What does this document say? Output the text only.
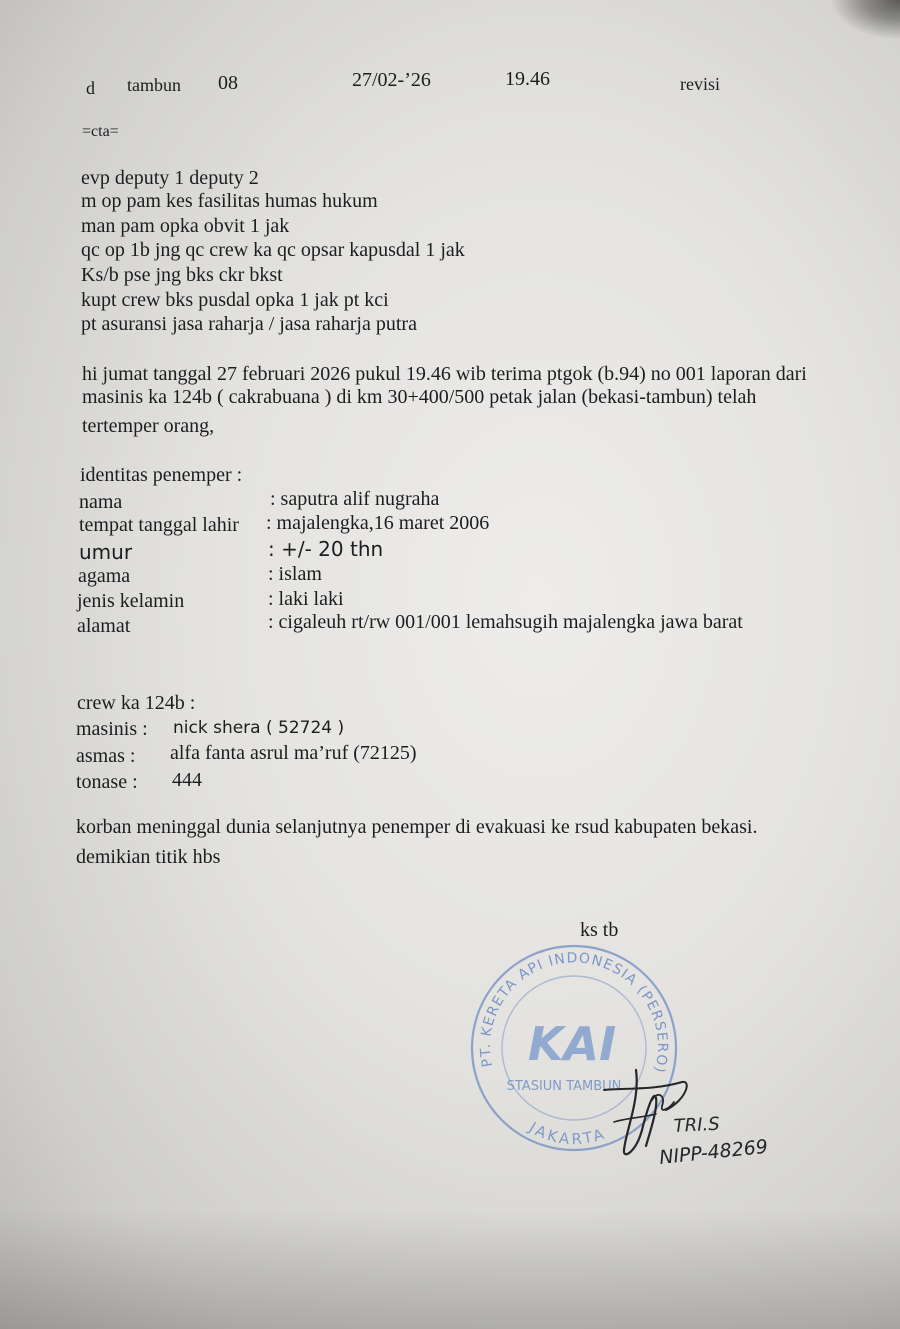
d tambun 08	27/02-’26	19.46	revisi
=cta=
evp deputy 1 deputy 2
m op pam kes fasilitas humas hukum
man pam opka obvit 1 jak
qc op 1b jng qc crew ka qc opsar kapusdal 1 jak
Ks/b pse jng bks ckr bkst
kupt crew bks pusdal opka 1 jak pt kci
pt asuransi jasa raharja / jasa raharja putra
hi jumat tanggal 27 februari 2026 pukul 19.46 wib terima ptgok (b.94) no 001 laporan dari
masinis ka 124b ( cakrabuana ) di km 30+400/500 petak jalan (bekasi-tambun) telah
tertemper orang,
identitas penemper :
nama	: saputra alif nugraha
tempat tanggal lahir : majalengka,16 maret 2006
umur	: +/- 20 thn
agama	: islam
jenis kelamin	: laki laki
alamat	: cigaleuh rt/rw 001/001 lemahsugih majalengka jawa barat
crew ka 124b :
masinis : nick shera ( 52724 )
asmas : alfa fanta asrul ma’ruf (72125)
tonase : 444
korban meninggal dunia selanjutnya penemper di evakuasi ke rsud kabupaten bekasi.
demikian titik hbs
ks tb
PT. KERETA API INDONESIA (PERSERO)
JAKARTA
KAI
STASIUN TAMBUN
TRI.S
NIPP-48269
